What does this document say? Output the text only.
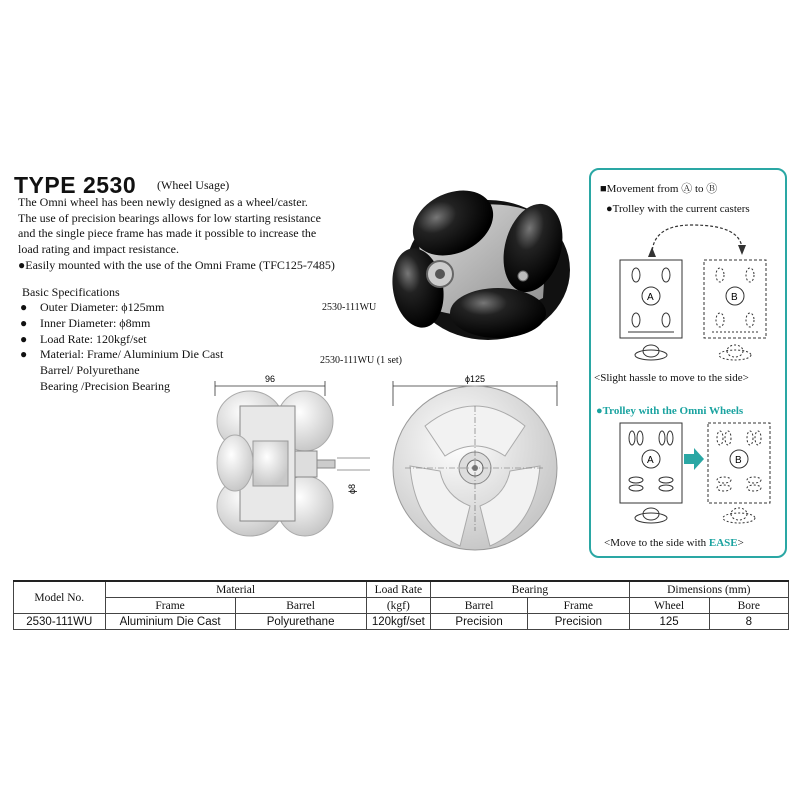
TYPE 2530 (Wheel Usage)
The Omni wheel has been newly designed as a wheel/caster.
The use of precision bearings allows for low starting resistance
and the single piece frame has made it possible to increase the
load rating and impact resistance.
●Easily mounted with the use of the Omni Frame (TFC125-7485)
Basic Specifications
● Outer Diameter: ϕ125mm
● Inner Diameter: ϕ8mm
● Load Rate: 120kgf/set
● Material: Frame/ Aluminium Die Cast
Barrel/ Polyurethane
Bearing /Precision Bearing
2530-111WU
2530-111WU (1 set)
96
ϕ8
ϕ125
■Movement from Ⓐ to Ⓑ
●Trolley with the current casters
A	B
<Slight hassle to move to the side>
●Trolley with the Omni Wheels
A	B
<Move to the side with EASE>
Model No.	Material		Load Rate	Bearing		Dimensions (mm)	
	Frame	Barrel	(kgf)	Barrel	Frame	Wheel	Bore
2530-111WU	Aluminium Die Cast	Polyurethane	120kgf/set	Precision	Precision	125	8
